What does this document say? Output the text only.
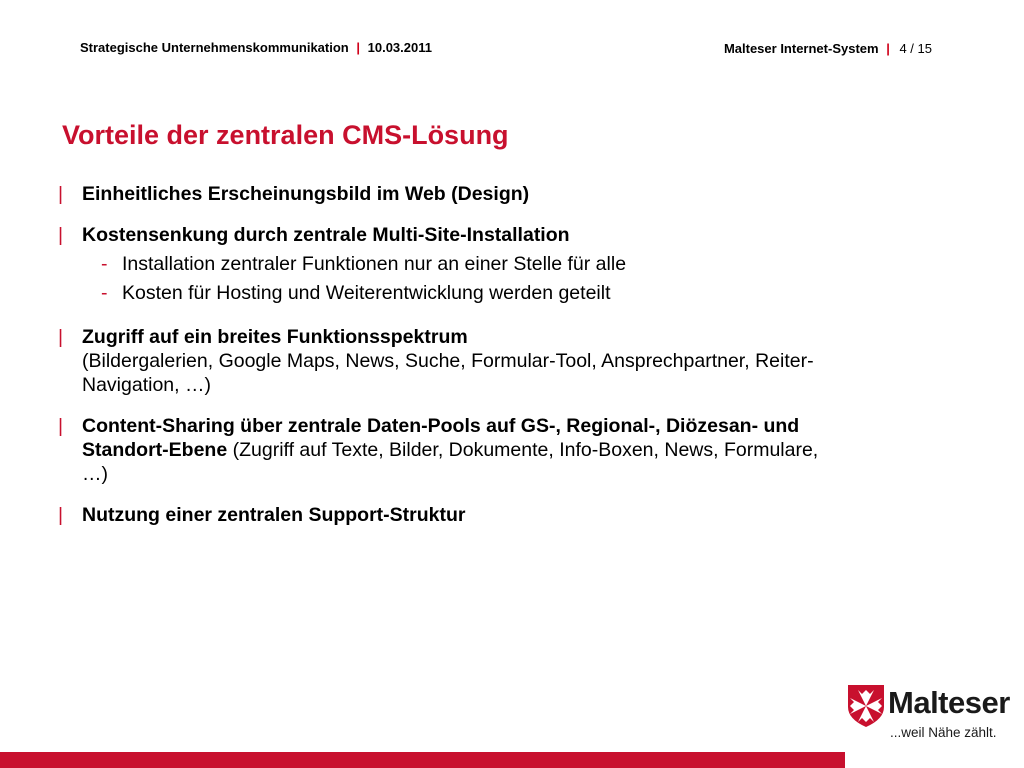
Strategische Unternehmenskommunikation | 10.03.2011	Malteser Internet-System | 4 / 15
Vorteile der zentralen CMS-Lösung
| Einheitliches Erscheinungsbild im Web (Design)
| Kostensenkung durch zentrale Multi-Site-Installation
- Installation zentraler Funktionen nur an einer Stelle für alle
- Kosten für Hosting und Weiterentwicklung werden geteilt
| Zugriff auf ein breites Funktionsspektrum
(Bildergalerien, Google Maps, News, Suche, Formular-Tool, Ansprechpartner, Reiter-
Navigation, …)
| Content-Sharing über zentrale Daten-Pools auf GS-, Regional-, Diözesan- und
Standort-Ebene (Zugriff auf Texte, Bilder, Dokumente, Info-Boxen, News, Formulare,
…)
| Nutzung einer zentralen Support-Struktur
Malteser
...weil Nähe zählt.
